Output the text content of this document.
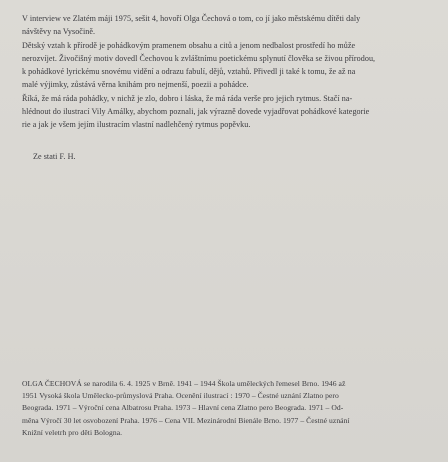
V interview ve Zlatém máji 1975, sešit 4, hovoří Olga Čechová o tom, co jí jako městskému dítěti daly
návštěvy na Vysočině.
Dětský vztah k přírodě je pohádkovým pramenem obsahu a citů a jenom nedbalost prostředí ho může
nerozvíjet. Živočišný motiv dovedl Čechovou k zvláštnímu poetickému splynutí člověka se živou přírodou,
k pohádkové lyrickému snovému vidění a odrazu fabulí, dějů, vztahů. Přivedl ji také k tomu, že až na
malé výjimky, zůstává věrna knihám pro nejmenší, poezii a pohádce.
Říká, že má ráda pohádky, v nichž je zlo, dobro i láska, že má ráda verše pro jejich rytmus. Stačí na-
hlédnout do ilustrací Vily Amálky, abychom poznali, jak výrazně dovede vyjadřovat pohádkové kategorie
rie a jak je všem jejím ilustracím vlastní nadlehčený rytmus popěvku.
Ze stati F. H.
OLGA ČECHOVÁ se narodila 6. 4. 1925 v Brně. 1941 – 1944 Škola uměleckých řemesel Brno. 1946 až
1951 Vysoká škola Umělecko-průmyslová Praha. Ocenění ilustrací : 1970 – Čestné uznání Zlatno pero
Beograda. 1971 – Výroční cena Albatrosu Praha. 1973 – Hlavní cena Zlatno pero Beograda. 1971 – Od-
měna Výročí 30 let osvobození Praha. 1976 – Cena VII. Mezinárodní Bienále Brno. 1977 – Čestné uznání
Knižní veletrh pro děti Bologna.
